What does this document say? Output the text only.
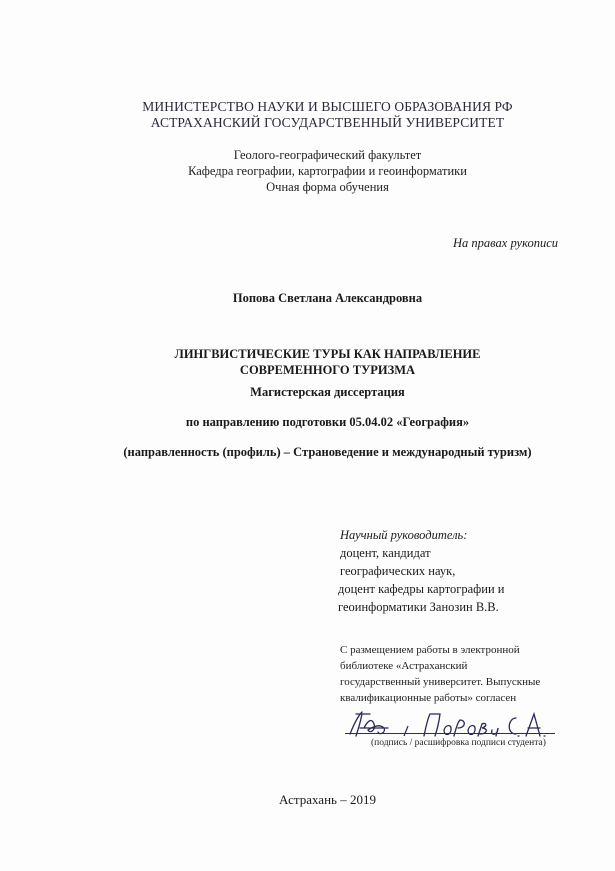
МИНИСТЕРСТВО НАУКИ И ВЫСШЕГО ОБРАЗОВАНИЯ РФ
АСТРАХАНСКИЙ ГОСУДАРСТВЕННЫЙ УНИВЕРСИТЕТ
Геолого-географический факультет
Кафедра географии, картографии и геоинформатики
Очная форма обучения
На правах рукописи
Попова Светлана Александровна
ЛИНГВИСТИЧЕСКИЕ ТУРЫ КАК НАПРАВЛЕНИЕ
СОВРЕМЕННОГО ТУРИЗМА
Магистерская диссертация
по направлению подготовки 05.04.02 «География»
(направленность (профиль) – Страноведение и международный туризм)
Научный руководитель:
доцент, кандидат
географических наук,
доцент кафедры картографии и
геоинформатики Занозин В.В.
С размещением работы в электронной
библиотеке «Астраханский
государственный университет. Выпускные
квалификационные работы» согласен
(подпись / расшифровка подписи студента)
Астрахань – 2019
